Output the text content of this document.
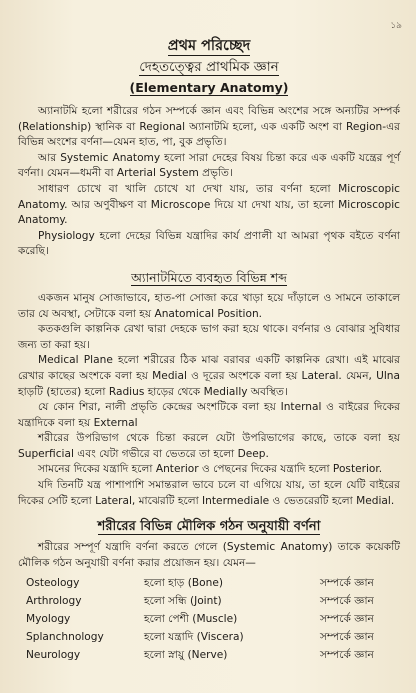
১৯
প্রথম পরিচ্ছেদ
দেহতত্ত্বের প্রাথমিক জ্ঞান
(Elementary Anatomy)

অ্যানাটমি হলো শরীরের গঠন সম্পর্কে জ্ঞান এবং বিভিন্ন অংশের সঙ্গে অন্যটির সম্পর্ক (Relationship) স্থানিক বা Regional অ্যানাটমি হলো, এক একটি অংশ বা Region-এর বিভিন্ন অংশের বর্ণনা—যেমন হাত, পা, বুক প্রভৃতি।

আর Systemic Anatomy হলো সারা দেহের বিষয় চিন্তা করে এক একটি যন্ত্রের পূর্ণ বর্ণনা। যেমন—ধমনী বা Arterial System প্রভৃতি।

সাধারণ চোখে বা খালি চোখে যা দেখা যায়, তার বর্ণনা হলো Microscopic Anatomy. আর অণুবীক্ষণ বা Microscope দিয়ে যা দেখা যায়, তা হলো Microscopic Anatomy.

Physiology হলো দেহের বিভিন্ন যন্ত্রাদির কার্য প্রণালী যা আমরা পৃথক বইতে বর্ণনা করেছি।

অ্যানাটমিতে ব্যবহৃত বিভিন্ন শব্দ

একজন মানুষ সোজাভাবে, হাত-পা সোজা করে খাড়া হয়ে দাঁড়ালে ও সামনে তাকালে তার যে অবস্থা, সেটাকে বলা হয় Anatomical Position.

কতকগুলি কাল্পনিক রেখা দ্বারা দেহকে ভাগ করা হয়ে থাকে। বর্ণনার ও বোঝার সুবিধার জন্য তা করা হয়।

Medical Plane হলো শরীরের ঠিক মাঝ বরাবর একটি কাল্পনিক রেখা। এই মাঝের রেখার কাছের অংশকে বলা হয় Medial ও দূরের অংশকে বলা হয় Lateral. যেমন, Ulna হাড়টি (হাতের) হলো Radius হাড়ের থেকে Medially অবস্থিত।

যে কোন শিরা, নালী প্রভৃতি কেন্দ্রের অংশটিকে বলা হয় Internal ও বাইরের দিকের যন্ত্রাদিকে বলা হয় External

শরীরের উপরিভাগ থেকে চিন্তা করলে যেটা উপরিভাগের কাছে, তাকে বলা হয় Superficial এবং যেটা গভীরে বা ভেতরে তা হলো Deep.

সামনের দিকের যন্ত্রাদি হলো Anterior ও পেছনের দিকের যন্ত্রাদি হলো Posterior.

যদি তিনটি যন্ত্র পাশাপাশি সমান্তরাল ভাবে চলে বা এগিয়ে যায়, তা হলে যেটি বাইরের দিকের সেটি হলো Lateral, মাঝেরটি হলো Intermediale ও ভেতরেরটি হলো Medial.

শরীরের বিভিন্ন মৌলিক গঠন অনুযায়ী বর্ণনা

শরীরের সম্পূর্ণ যন্ত্রাদি বর্ণনা করতে গেলে (Systemic Anatomy) তাকে কয়েকটি মৌলিক গঠন অনুযায়ী বর্ণনা করার প্রয়োজন হয়। যেমন—

Osteology	হলো হাড় (Bone)	সম্পর্কে জ্ঞান
Arthrology	হলো সন্ধি (Joint)	সম্পর্কে জ্ঞান
Myology	হলো পেশী (Muscle)	সম্পর্কে জ্ঞান
Splanchnology	হলো যন্ত্রাদি (Viscera)	সম্পর্কে জ্ঞান
Neurology	হলো স্নায়ু (Nerve)	সম্পর্কে জ্ঞান
